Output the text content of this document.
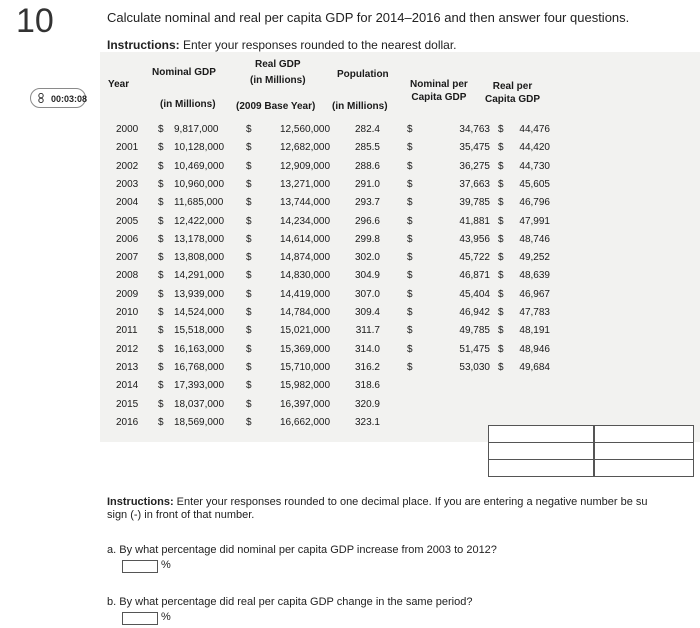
10
00:03:08
Calculate nominal and real per capita GDP for 2014–2016 and then answer four questions.
Instructions: Enter your responses rounded to the nearest dollar.
Year
Nominal GDP
(in Millions)
Real GDP
(in Millions)
(2009 Base Year)
Population
(in Millions)
Nominal per
Capita GDP
Real per
Capita GDP
2000 $ 9,817,000	$	12,560,000	282.4	$	34,763 $	44,476
2001 $ 10,128,000 $	12,682,000	285.5	$	35,475 $	44,420
2002 $ 10,469,000 $	12,909,000	288.6	$	36,275 $	44,730
2003 $ 10,960,000 $	13,271,000	291.0	$	37,663 $	45,605
2004 $ 11,685,000 $	13,744,000	293.7	$	39,785 $	46,796
2005 $ 12,422,000 $	14,234,000	296.6	$	41,881 $	47,991
2006 $ 13,178,000 $	14,614,000	299.8	$	43,956 $	48,746
2007 $ 13,808,000 $	14,874,000	302.0	$	45,722 $	49,252
2008 $ 14,291,000 $	14,830,000	304.9	$	46,871 $	48,639
2009 $ 13,939,000 $	14,419,000	307.0	$	45,404 $	46,967
2010 $ 14,524,000 $	14,784,000	309.4	$	46,942 $	47,783
2011 $ 15,518,000 $	15,021,000	311.7	$	49,785 $	48,191
2012 $ 16,163,000 $	15,369,000	314.0	$	51,475 $	48,946
2013 $ 16,768,000 $	15,710,000	316.2	$	53,030 $	49,684
2014 $ 17,393,000 $	15,982,000	318.6
2015 $ 18,037,000 $	16,397,000	320.9
2016 $ 18,569,000 $	16,662,000	323.1
Instructions: Enter your responses rounded to one decimal place. If you are entering a negative number be su
sign (-) in front of that number.
a. By what percentage did nominal per capita GDP increase from 2003 to 2012?
%
b. By what percentage did real per capita GDP change in the same period?
%
